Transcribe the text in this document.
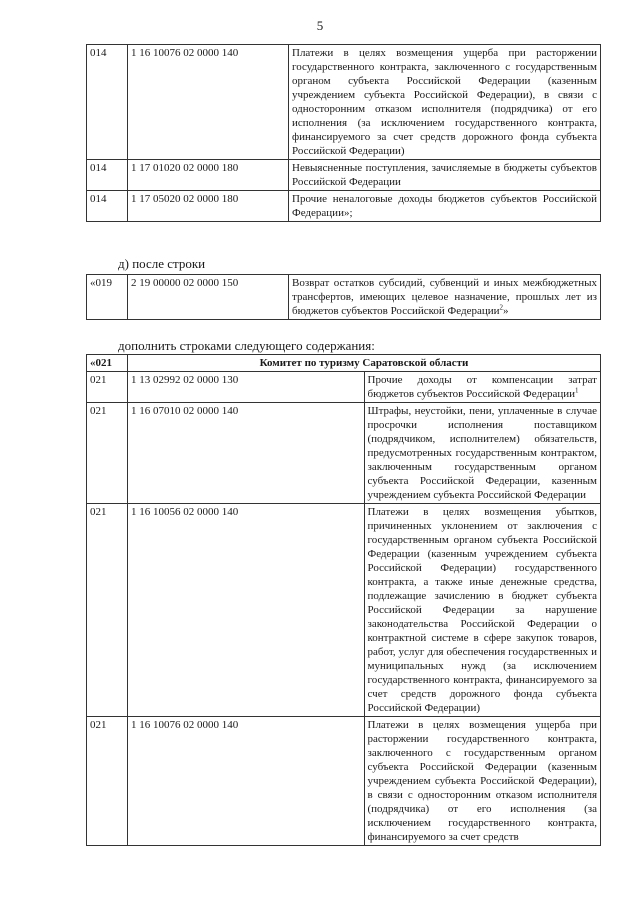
5
014	1 16 10076 02 0000 140	Платежи в целях возмещения ущерба при расторжении государственного контракта, заключенного с государственным органом субъекта Российской Федерации (казенным учреждением субъекта Российской Федерации), в связи с односторонним отказом исполнителя (подрядчика) от его исполнения (за исключением государственного контракта, финансируемого за счет средств дорожного фонда субъекта Российской Федерации)
014	1 17 01020 02 0000 180	Невыясненные поступления, зачисляемые в бюджеты субъектов Российской Федерации
014	1 17 05020 02 0000 180	Прочие неналоговые доходы бюджетов субъектов Российской Федерации»;
д) после строки
«019	2 19 00000 02 0000 150	Возврат остатков субсидий, субвенций и иных межбюджетных трансфертов, имеющих целевое назначение, прошлых лет из бюджетов субъектов Российской Федерации$^2$»
дополнить строками следующего содержания:
«021	Комитет по туризму Саратовской области	
021	1 13 02992 02 0000 130	Прочие доходы от компенсации затрат бюджетов субъектов Российской Федерации$^1$
021	1 16 07010 02 0000 140	Штрафы, неустойки, пени, уплаченные в случае просрочки исполнения поставщиком (подрядчиком, исполнителем) обязательств, предусмотренных государственным контрактом, заключенным государственным органом субъекта Российской Федерации, казенным учреждением субъекта Российской Федерации
021	1 16 10056 02 0000 140	Платежи в целях возмещения убытков, причиненных уклонением от заключения с государственным органом субъекта Российской Федерации (казенным учреждением субъекта Российской Федерации) государственного контракта, а также иные денежные средства, подлежащие зачислению в бюджет субъекта Российской Федерации за нарушение законодательства Российской Федерации о контрактной системе в сфере закупок товаров, работ, услуг для обеспечения государственных и муниципальных нужд (за исключением государственного контракта, финансируемого за счет средств дорожного фонда субъекта Российской Федерации)
021	1 16 10076 02 0000 140	Платежи в целях возмещения ущерба при расторжении государственного контракта, заключенного с государственным органом субъекта Российской Федерации (казенным учреждением субъекта Российской Федерации), в связи с односторонним отказом исполнителя (подрядчика) от его исполнения (за исключением государственного контракта, финансируемого за счет средств
